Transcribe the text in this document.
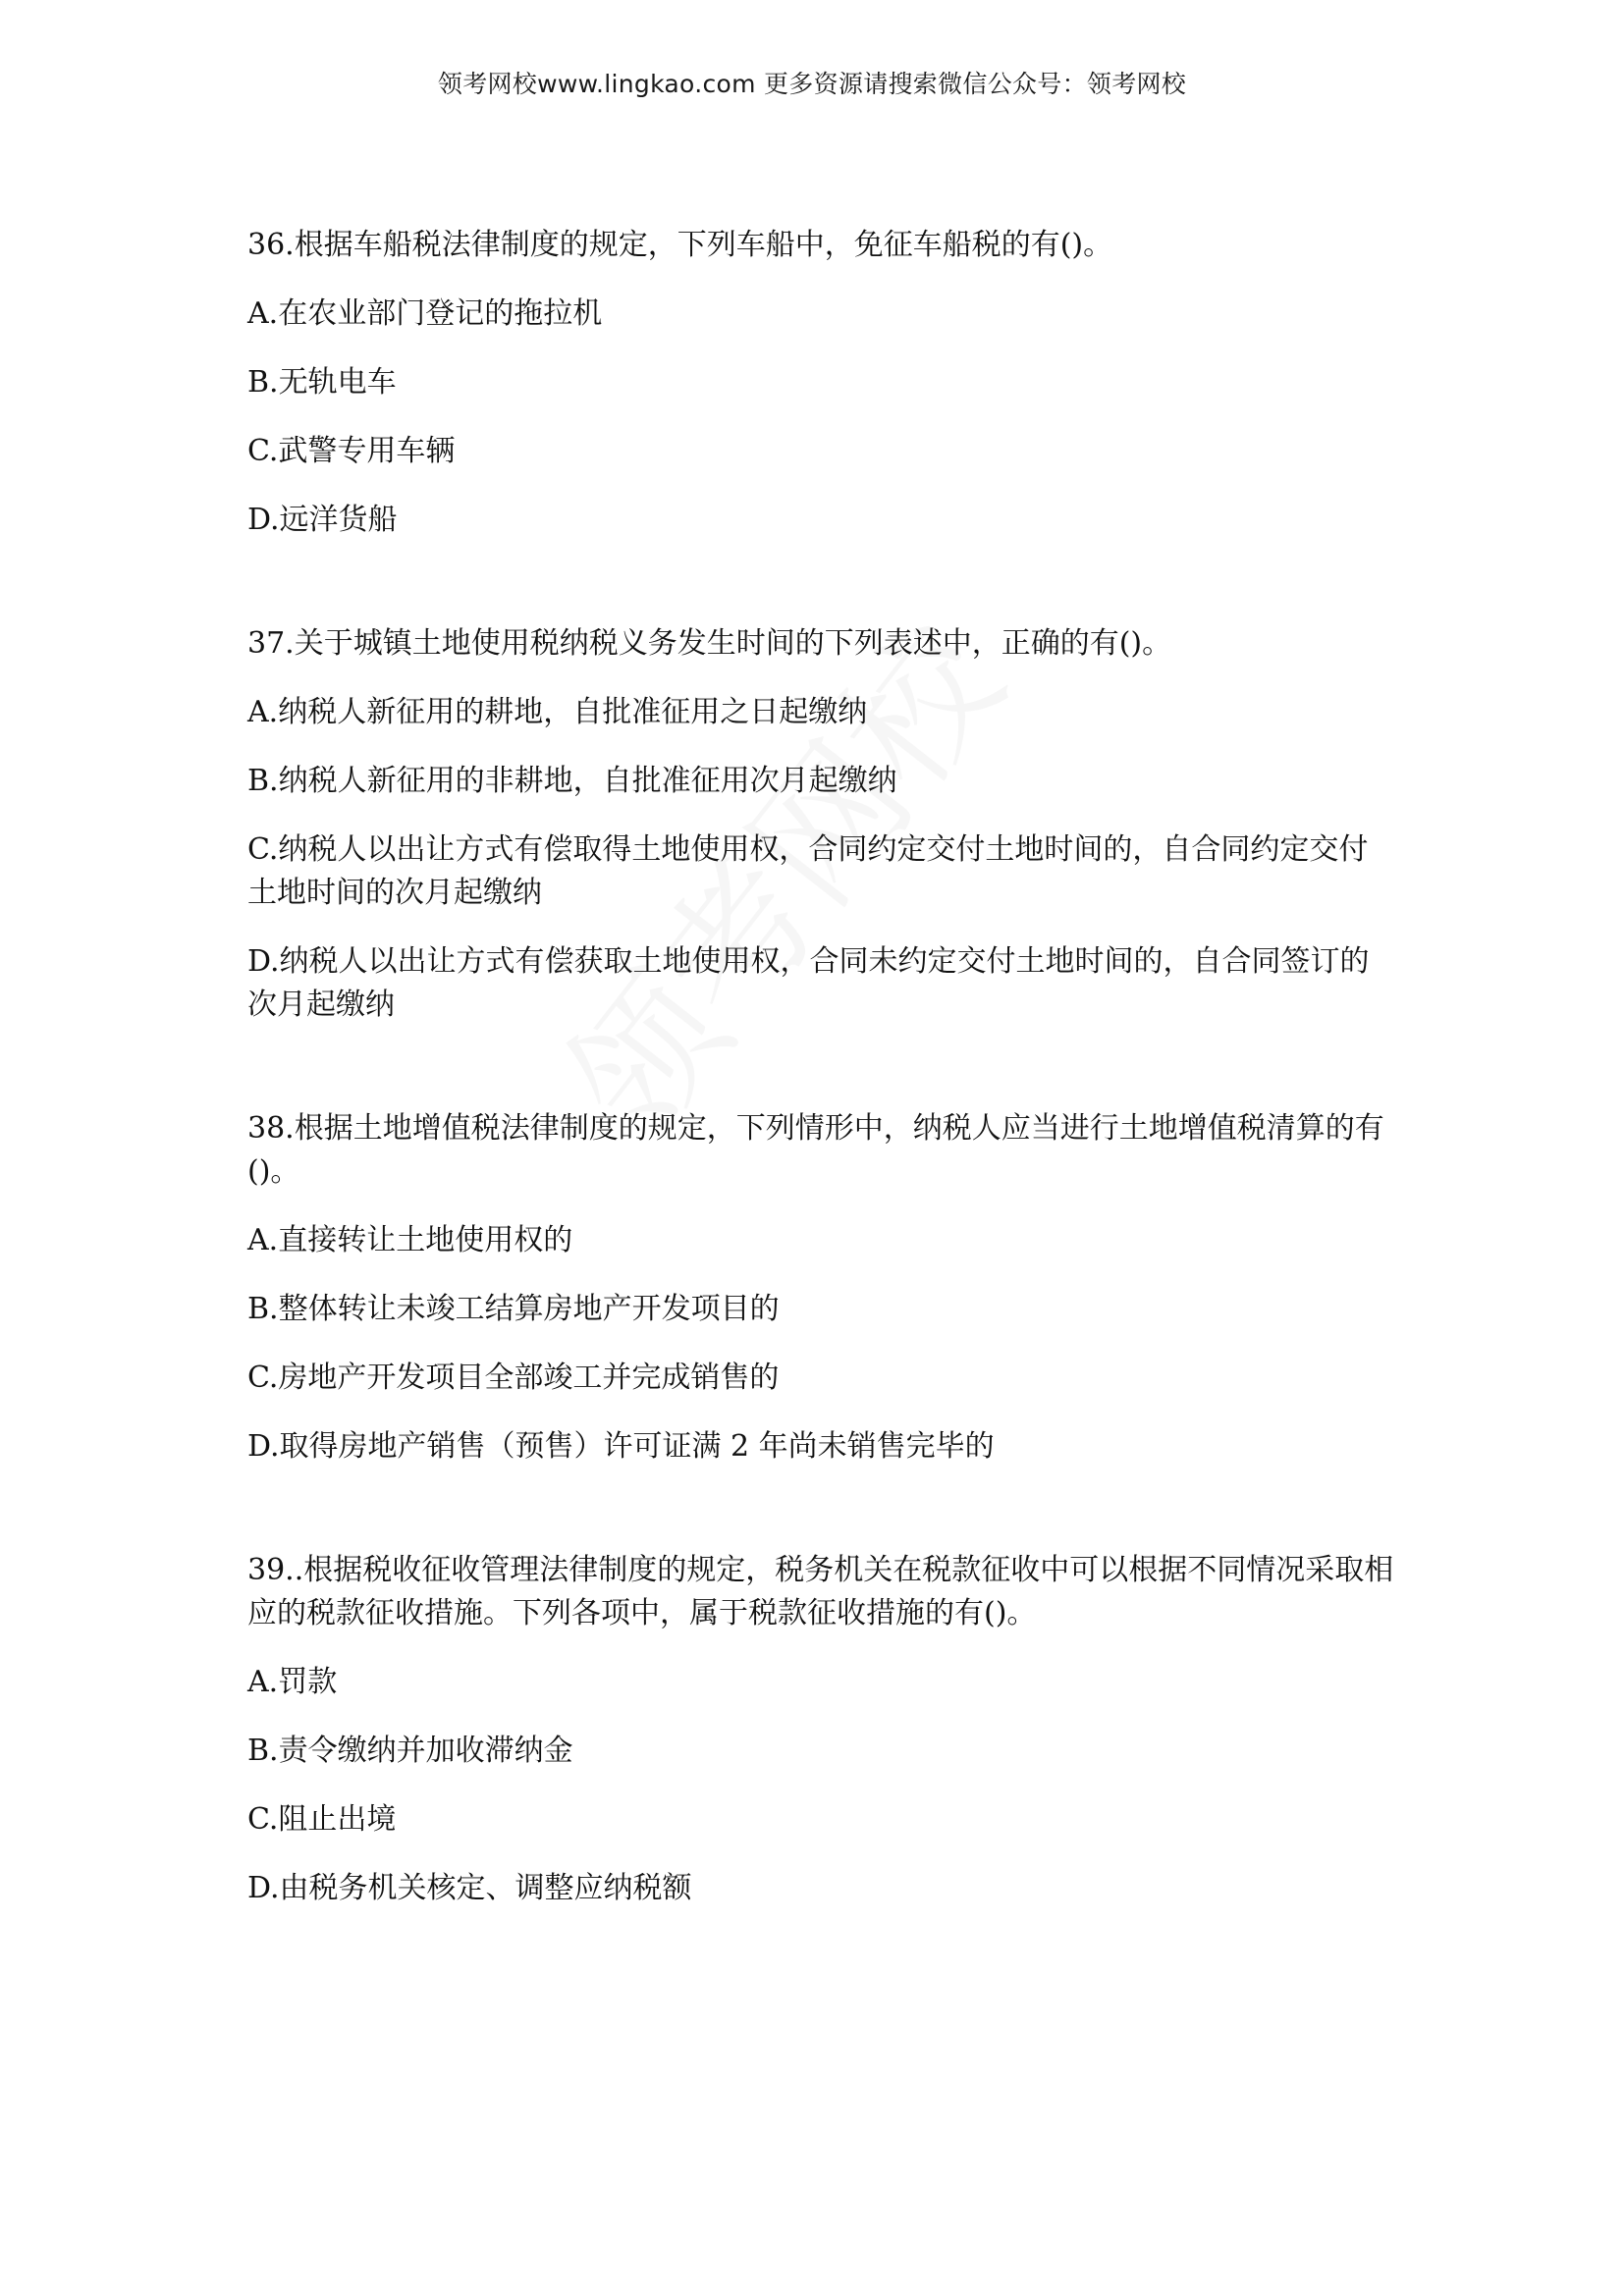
领考网校www.lingkao.com 更多资源请搜索微信公众号：领考网校

36.根据车船税法律制度的规定，下列车船中，免征车船税的有()。

A.在农业部门登记的拖拉机

B.无轨电车

C.武警专用车辆

D.远洋货船

37.关于城镇土地使用税纳税义务发生时间的下列表述中，正确的有()。

A.纳税人新征用的耕地，自批准征用之日起缴纳

B.纳税人新征用的非耕地，自批准征用次月起缴纳

C.纳税人以出让方式有偿取得土地使用权，合同约定交付土地时间的，自合同约定交付土地时间的次月起缴纳

D.纳税人以出让方式有偿获取土地使用权，合同未约定交付土地时间的，自合同签订的次月起缴纳

38.根据土地增值税法律制度的规定，下列情形中，纳税人应当进行土地增值税清算的有()。

A.直接转让土地使用权的

B.整体转让未竣工结算房地产开发项目的

C.房地产开发项目全部竣工并完成销售的

D.取得房地产销售（预售）许可证满 2 年尚未销售完毕的

39..根据税收征收管理法律制度的规定，税务机关在税款征收中可以根据不同情况采取相应的税款征收措施。下列各项中，属于税款征收措施的有()。

A.罚款

B.责令缴纳并加收滞纳金

C.阻止出境

D.由税务机关核定、调整应纳税额
